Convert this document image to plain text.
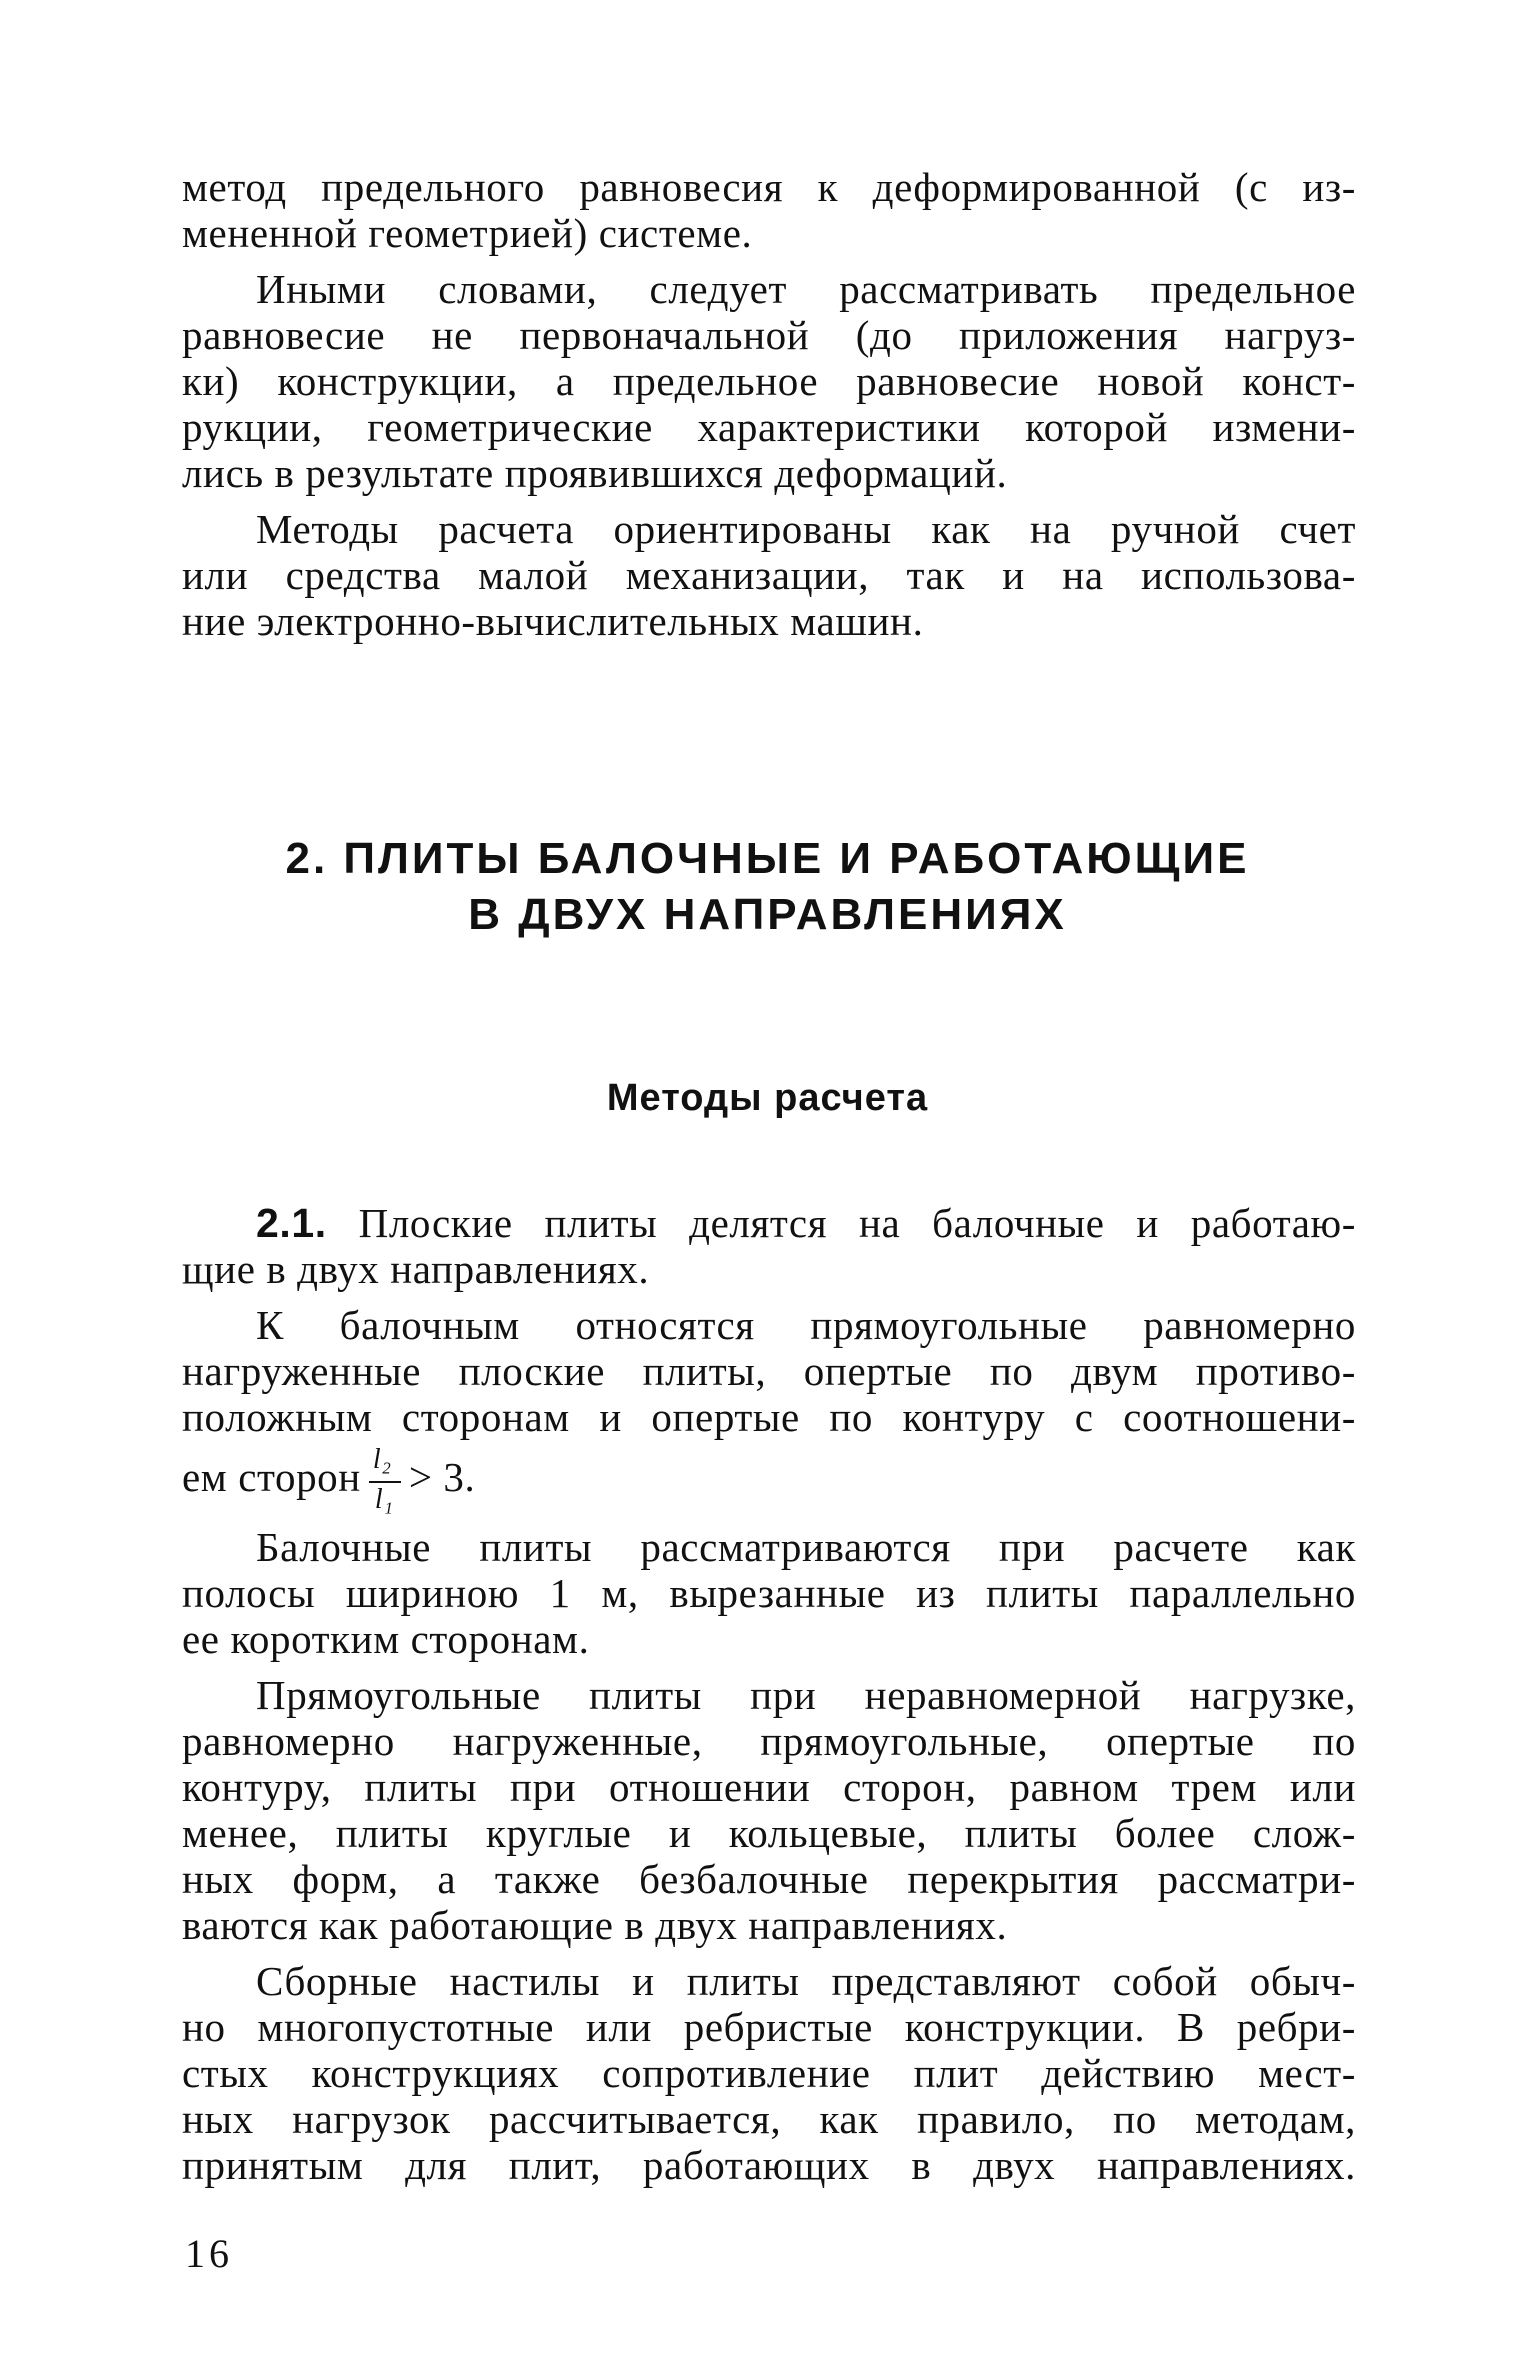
метод предельного равновесия к деформированной (с из-
мененной геометрией) системе.
Иными словами, следует рассматривать предельное
равновесие не первоначальной (до приложения нагруз-
ки) конструкции, а предельное равновесие новой конст-
рукции, геометрические характеристики которой измени-
лись в результате проявившихся деформаций.
Методы расчета ориентированы как на ручной счет
или средства малой механизации, так и на использова-
ние электронно-вычислительных машин.
2. ПЛИТЫ БАЛОЧНЫЕ И РАБОТАЮЩИЕ
В ДВУХ НАПРАВЛЕНИЯХ
Методы расчета
2.1. Плоские плиты делятся на балочные и работаю-
щие в двух направлениях.
К балочным относятся прямоугольные равномерно
нагруженные плоские плиты, опертые по двум противо-
положным сторонам и опертые по контуру с соотношени-
ем сторон $\frac{\text{l₂}}{\text{l₁}} > 3$.
Балочные плиты рассматриваются при расчете как
полосы шириною 1 м, вырезанные из плиты параллельно
ее коротким сторонам.
Прямоугольные плиты при неравномерной нагрузке,
равномерно нагруженные, прямоугольные, опертые по
контуру, плиты при отношении сторон, равном трем или
менее, плиты круглые и кольцевые, плиты более слож-
ных форм, а также безбалочные перекрытия рассматри-
ваются как работающие в двух направлениях.
Сборные настилы и плиты представляют собой обыч-
но многопустотные или ребристые конструкции. В ребри-
стых конструкциях сопротивление плит действию мест-
ных нагрузок рассчитывается, как правило, по методам,
принятым для плит, работающих в двух направлениях.
16
